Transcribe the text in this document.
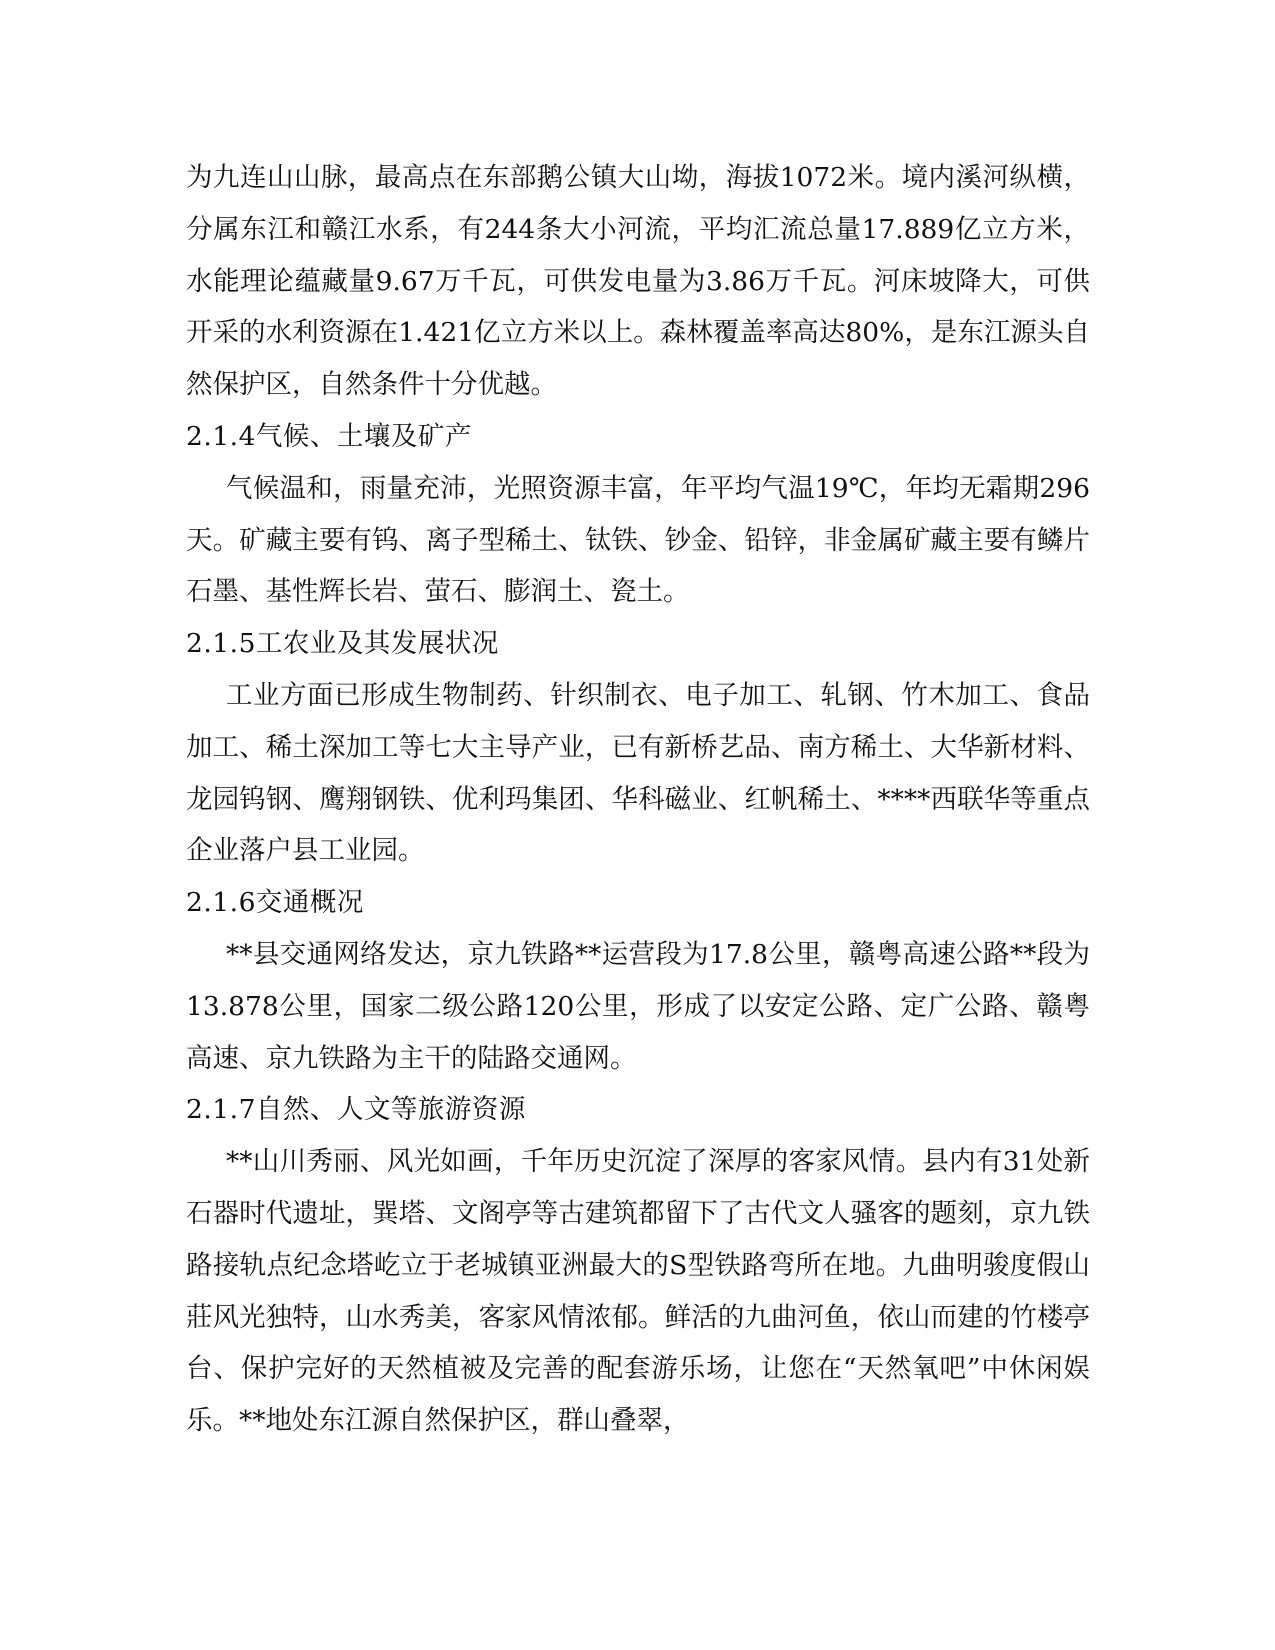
为九连山山脉，最高点在东部鹅公镇大山坳，海拔1072米。境内溪河纵横，分属东江和赣江水系，有244条大小河流，平均汇流总量17.889亿立方米，水能理论蕴藏量9.67万千瓦，可供发电量为3.86万千瓦。河床坡降大，可供开采的水利资源在1.421亿立方米以上。森林覆盖率高达80%，是东江源头自然保护区，自然条件十分优越。

2.1.4气候、土壤及矿产

气候温和，雨量充沛，光照资源丰富，年平均气温19℃，年均无霜期296天。矿藏主要有钨、离子型稀土、钛铁、钞金、铅锌，非金属矿藏主要有鳞片石墨、基性辉长岩、萤石、膨润土、瓷土。

2.1.5工农业及其发展状况

工业方面已形成生物制药、针织制衣、电子加工、轧钢、竹木加工、食品加工、稀土深加工等七大主导产业，已有新桥艺品、南方稀土、大华新材料、龙园钨钢、鹰翔钢铁、优利玛集团、华科磁业、红帆稀土、****西联华等重点企业落户县工业园。

2.1.6交通概况

**县交通网络发达，京九铁路**运营段为17.8公里，赣粤高速公路**段为13.878公里，国家二级公路120公里，形成了以安定公路、定广公路、赣粤高速、京九铁路为主干的陆路交通网。

2.1.7自然、人文等旅游资源

**山川秀丽、风光如画，千年历史沉淀了深厚的客家风情。县内有31处新石器时代遗址，巽塔、文阁亭等古建筑都留下了古代文人骚客的题刻，京九铁路接轨点纪念塔屹立于老城镇亚洲最大的S型铁路弯所在地。九曲明骏度假山莊风光独特，山水秀美，客家风情浓郁。鲜活的九曲河鱼，依山而建的竹楼亭台、保护完好的天然植被及完善的配套游乐场，让您在“天然氧吧”中休闲娱乐。**地处东江源自然保护区，群山叠翠，
